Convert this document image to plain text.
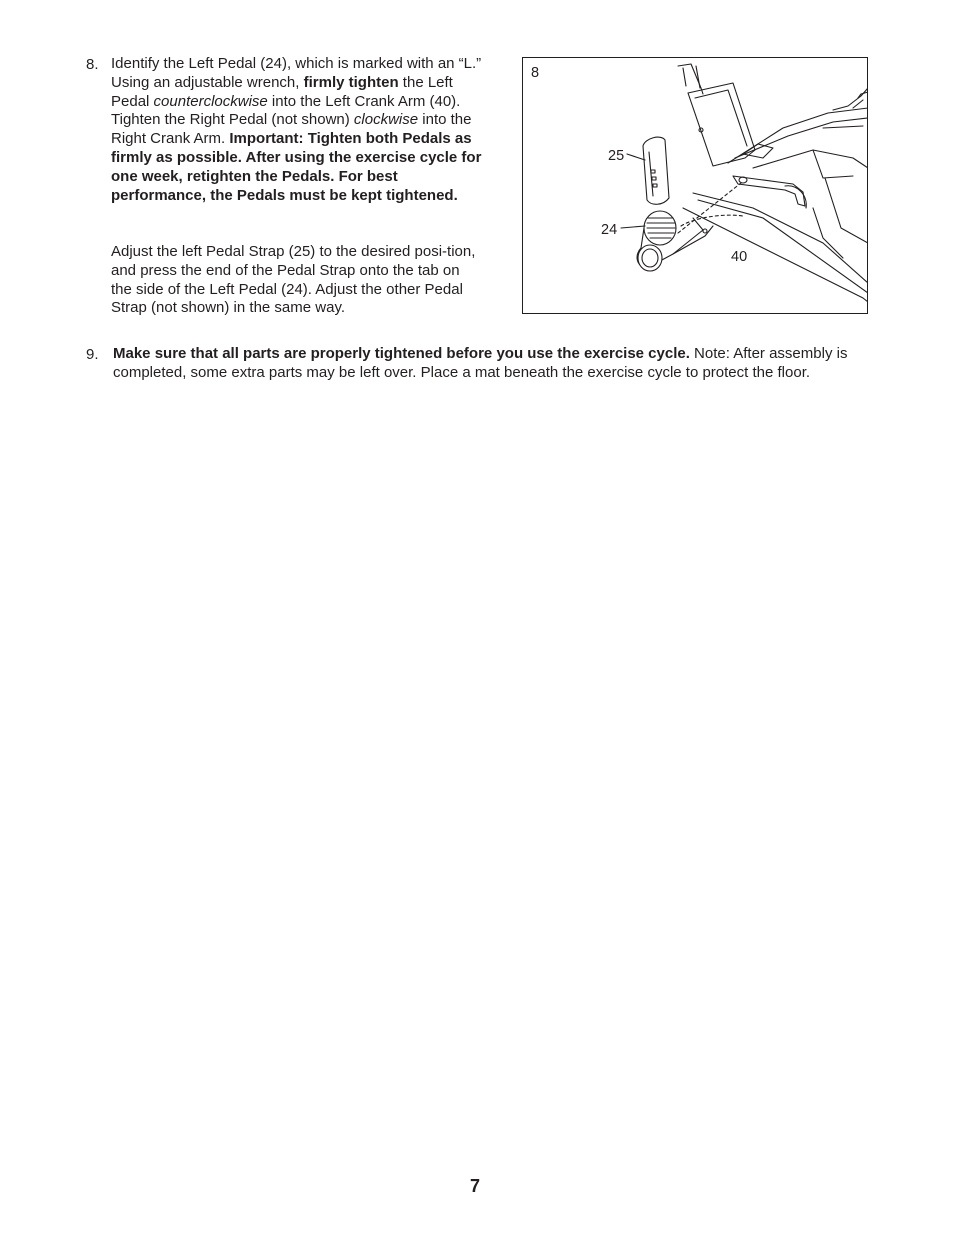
8. Identify the Left Pedal (24), which is marked with an “L.” Using an adjustable wrench, firmly tighten the Left Pedal counterclockwise into the Left Crank Arm (40). Tighten the Right Pedal (not shown) clockwise into the Right Crank Arm. Important: Tighten both Pedals as firmly as possible. After using the exercise cycle for one week, retighten the Pedals. For best performance, the Pedals must be kept tightened.

Adjust the left Pedal Strap (25) to the desired posi-tion, and press the end of the Pedal Strap onto the tab on the side of the Left Pedal (24). Adjust the other Pedal Strap (not shown) in the same way.

8
25
24
40
9. Make sure that all parts are properly tightened before you use the exercise cycle. Note: After assembly is completed, some extra parts may be left over. Place a mat beneath the exercise cycle to protect the floor.

7
